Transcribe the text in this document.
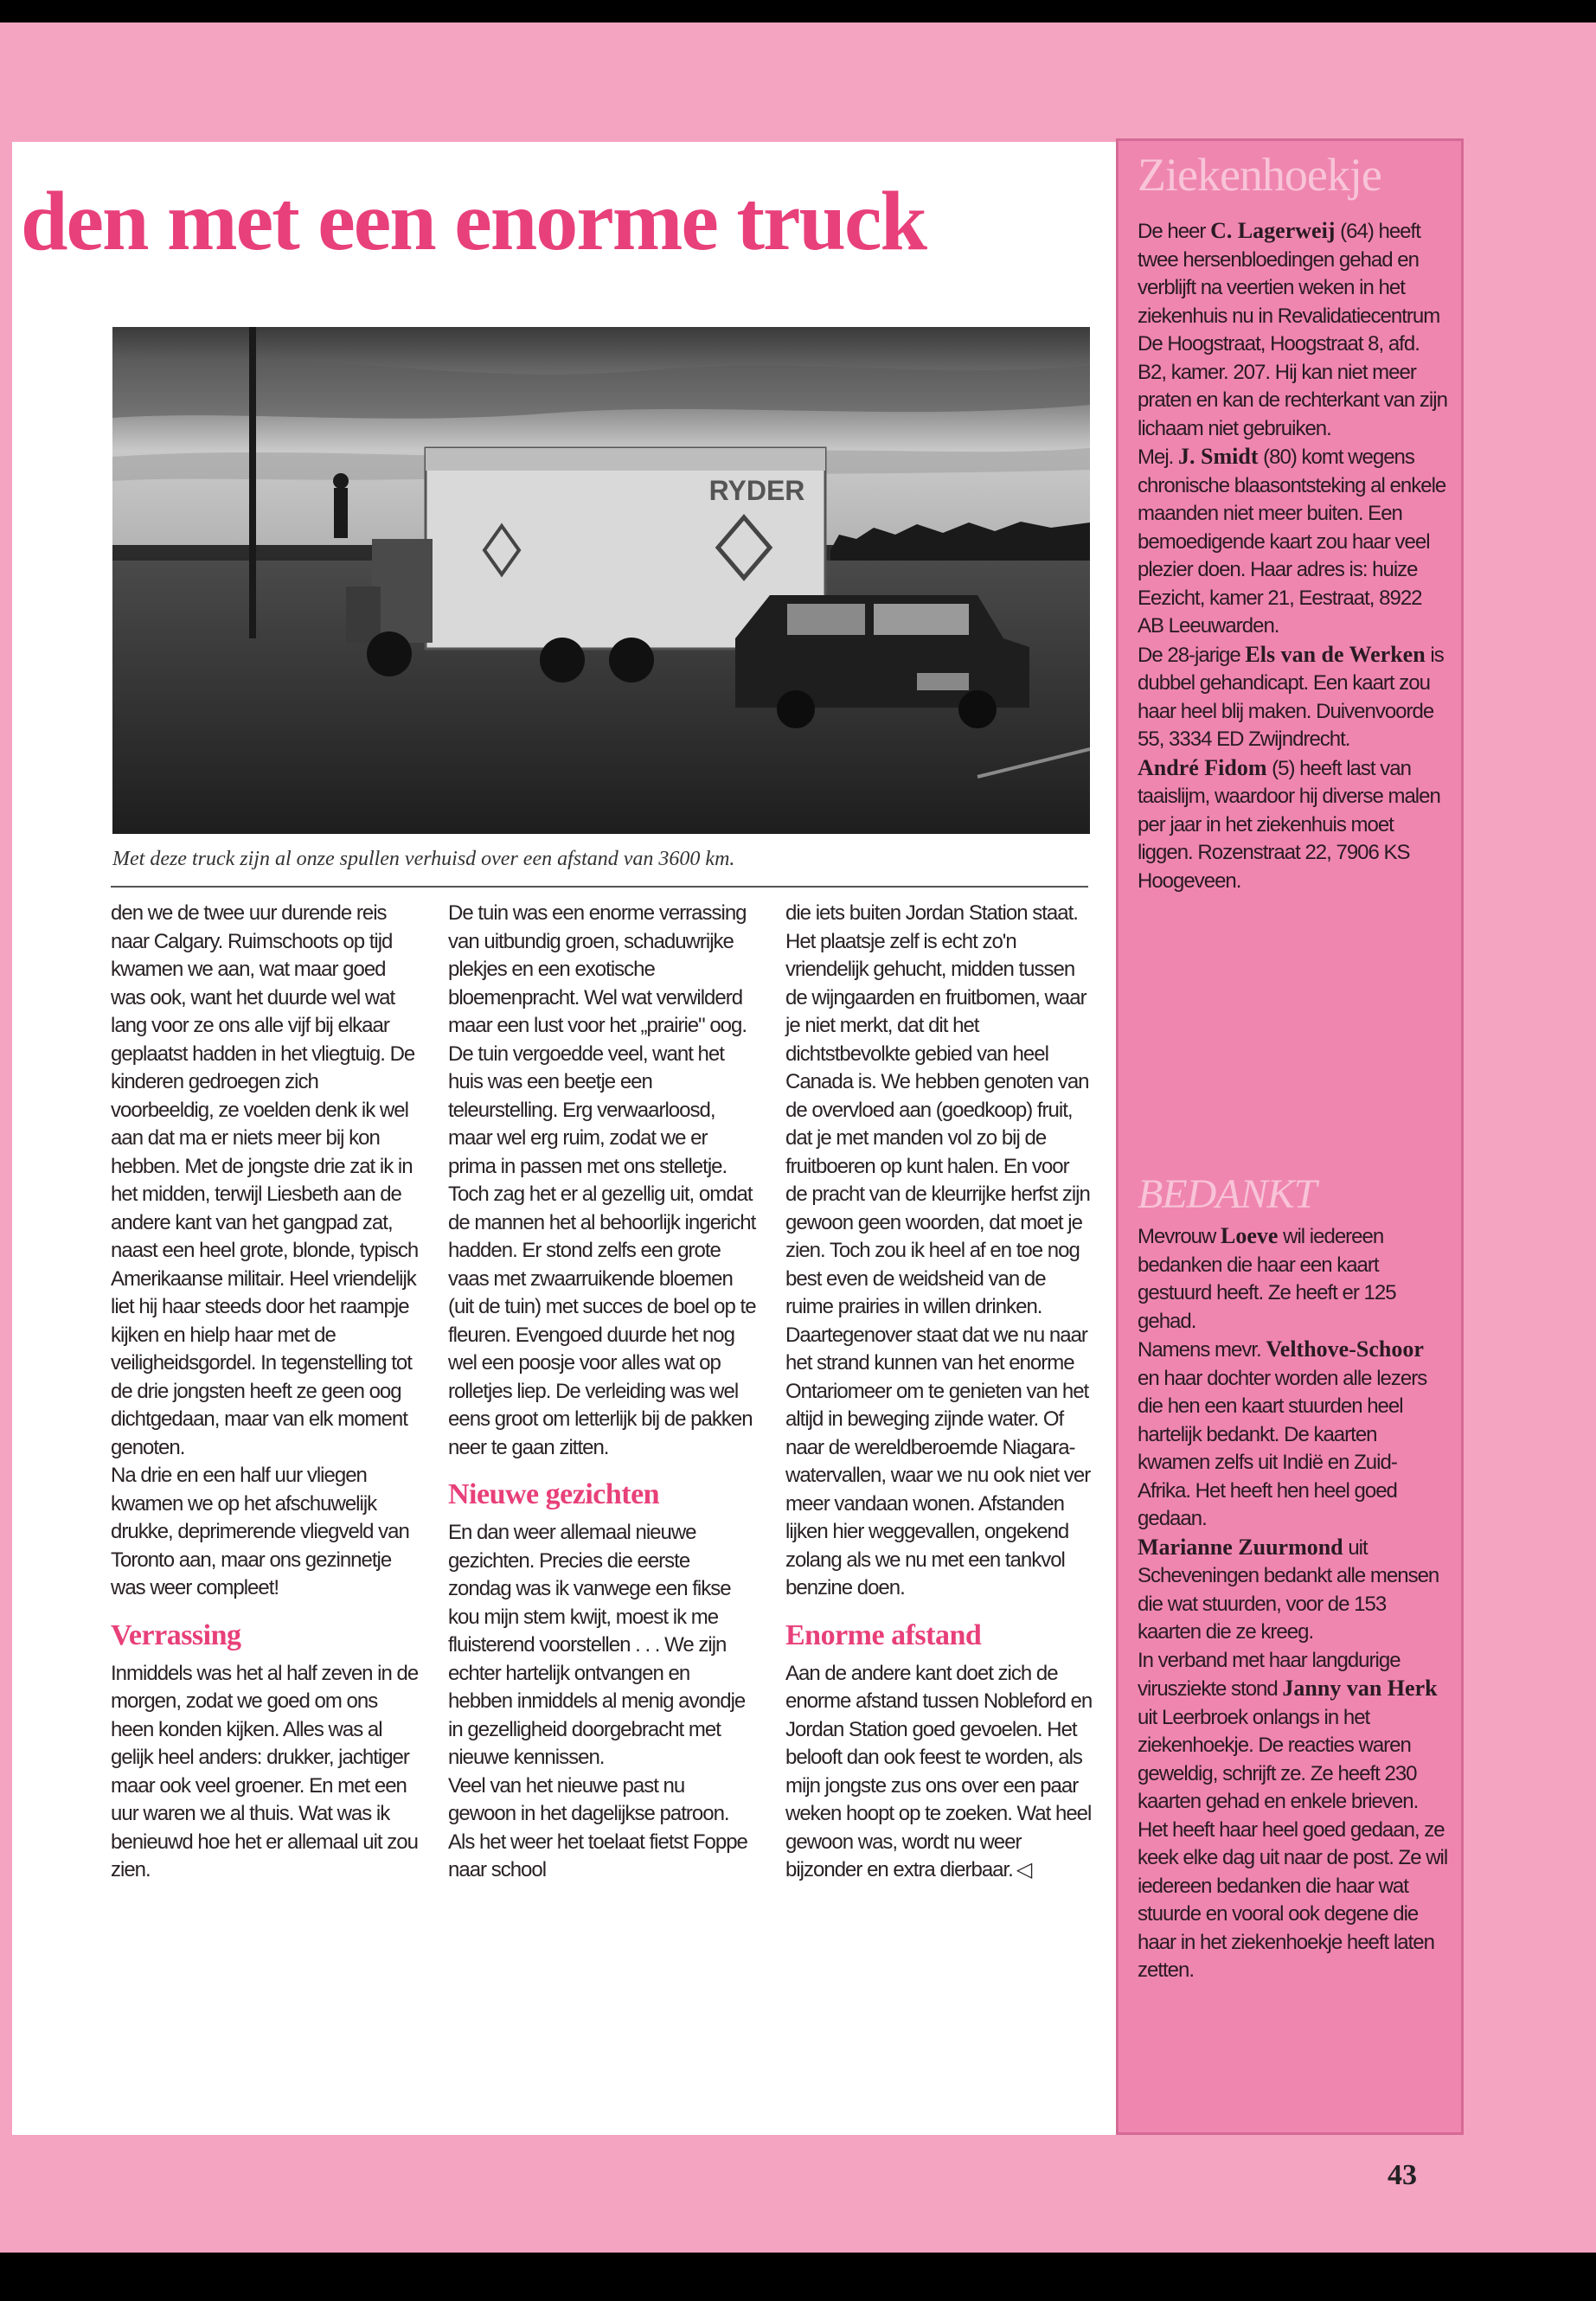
den met een enorme truck
RYDER

Met deze truck zijn al onze spullen verhuisd over een afstand van 3600 km.

den we de twee uur durende reis naar Calgary. Ruimschoots op tijd kwamen we aan, wat maar goed was ook, want het duurde wel wat lang voor ze ons alle vijf bij elkaar geplaatst hadden in het vliegtuig. De kinderen gedroegen zich voorbeeldig, ze voelden denk ik wel aan dat ma er niets meer bij kon hebben. Met de jongste drie zat ik in het midden, terwijl Liesbeth aan de andere kant van het gangpad zat, naast een heel grote, blonde, typisch Amerikaanse militair. Heel vriendelijk liet hij haar steeds door het raampje kijken en hielp haar met de veiligheidsgordel. In tegenstelling tot de drie jongsten heeft ze geen oog dichtgedaan, maar van elk moment genoten.

Na drie en een half uur vliegen kwamen we op het afschuwelijk drukke, deprimerende vliegveld van Toronto aan, maar ons gezinnetje was weer compleet!

Verrassing

Inmiddels was het al half zeven in de morgen, zodat we goed om ons heen konden kijken. Alles was al gelijk heel anders: drukker, jachtiger maar ook veel groener. En met een uur waren we al thuis. Wat was ik benieuwd hoe het er allemaal uit zou zien.

De tuin was een enorme verrassing van uitbundig groen, schaduwrijke plekjes en een exotische bloemenpracht. Wel wat verwilderd maar een lust voor het „prairie" oog.

De tuin vergoedde veel, want het huis was een beetje een teleurstelling. Erg verwaarloosd, maar wel erg ruim, zodat we er prima in passen met ons stelletje. Toch zag het er al gezellig uit, omdat de mannen het al behoorlijk ingericht hadden. Er stond zelfs een grote vaas met zwaarruikende bloemen (uit de tuin) met succes de boel op te fleuren. Evengoed duurde het nog wel een poosje voor alles wat op rolletjes liep. De verleiding was wel eens groot om letterlijk bij de pakken neer te gaan zitten.

Nieuwe gezichten

En dan weer allemaal nieuwe gezichten. Precies die eerste zondag was ik vanwege een fikse kou mijn stem kwijt, moest ik me fluisterend voorstellen . . . We zijn echter hartelijk ontvangen en hebben inmiddels al menig avondje in gezelligheid doorgebracht met nieuwe kennissen.

Veel van het nieuwe past nu gewoon in het dagelijkse patroon. Als het weer het toelaat fietst Foppe naar school

die iets buiten Jordan Station staat. Het plaatsje zelf is echt zo'n vriendelijk gehucht, midden tussen de wijngaarden en fruitbomen, waar je niet merkt, dat dit het dichtstbevolkte gebied van heel Canada is. We hebben genoten van de overvloed aan (goedkoop) fruit, dat je met manden vol zo bij de fruitboeren op kunt halen. En voor de pracht van de kleurrijke herfst zijn gewoon geen woorden, dat moet je zien. Toch zou ik heel af en toe nog best even de weidsheid van de ruime prairies in willen drinken. Daartegenover staat dat we nu naar het strand kunnen van het enorme Ontariomeer om te genieten van het altijd in beweging zijnde water. Of naar de wereldberoemde Niagara-watervallen, waar we nu ook niet ver meer vandaan wonen. Afstanden lijken hier weggevallen, ongekend zolang als we nu met een tankvol benzine doen.

Enorme afstand

Aan de andere kant doet zich de enorme afstand tussen Nobleford en Jordan Station goed gevoelen. Het belooft dan ook feest te worden, als mijn jongste zus ons over een paar weken hoopt op te zoeken. Wat heel gewoon was, wordt nu weer bijzonder en extra dierbaar. ◁

Ziekenhoekje

De heer C. Lagerweij (64) heeft twee hersenbloedingen gehad en verblijft na veertien weken in het ziekenhuis nu in Revalidatiecentrum De Hoogstraat, Hoogstraat 8, afd. B2, kamer. 207. Hij kan niet meer praten en kan de rechterkant van zijn lichaam niet gebruiken.

Mej. J. Smidt (80) komt wegens chronische blaasontsteking al enkele maanden niet meer buiten. Een bemoedigende kaart zou haar veel plezier doen. Haar adres is: huize Eezicht, kamer 21, Eestraat, 8922 AB Leeuwarden.

De 28-jarige Els van de Werken is dubbel gehandicapt. Een kaart zou haar heel blij maken. Duivenvoorde 55, 3334 ED Zwijndrecht.

André Fidom (5) heeft last van taaislijm, waardoor hij diverse malen per jaar in het ziekenhuis moet liggen. Rozenstraat 22, 7906 KS Hoogeveen.

BEDANKT

Mevrouw Loeve wil iedereen bedanken die haar een kaart gestuurd heeft. Ze heeft er 125 gehad.

Namens mevr. Velthove-Schoor en haar dochter worden alle lezers die hen een kaart stuurden heel hartelijk bedankt. De kaarten kwamen zelfs uit Indië en Zuid-Afrika. Het heeft hen heel goed gedaan.

Marianne Zuurmond uit Scheveningen bedankt alle mensen die wat stuurden, voor de 153 kaarten die ze kreeg.

In verband met haar langdurige virusziekte stond Janny van Herk uit Leerbroek onlangs in het ziekenhoekje. De reacties waren geweldig, schrijft ze. Ze heeft 230 kaarten gehad en enkele brieven. Het heeft haar heel goed gedaan, ze keek elke dag uit naar de post. Ze wil iedereen bedanken die haar wat stuurde en vooral ook degene die haar in het ziekenhoekje heeft laten zetten.

43
